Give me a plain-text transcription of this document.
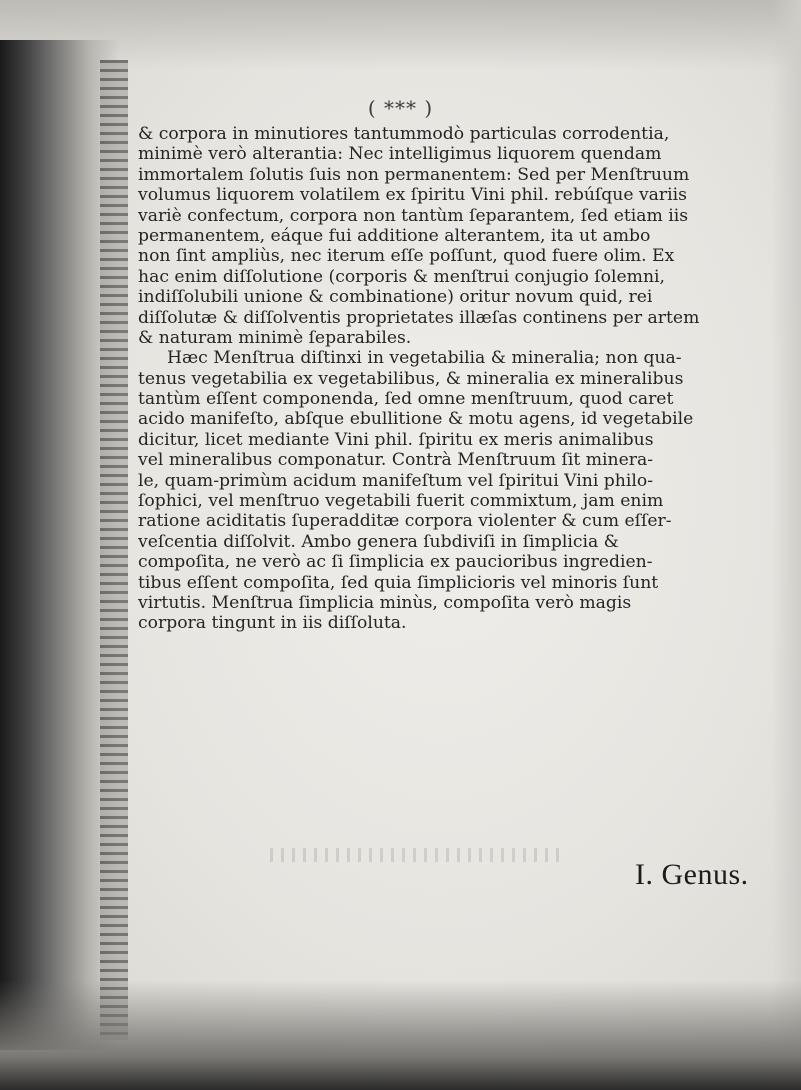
( *** )
& corpora in minutiores tantummodò particulas corrodentia,
minimè verò alterantia: Nec intelligimus liquorem quendam
immortalem ſolutis ſuis non permanentem: Sed per Menſtruum
volumus liquorem volatilem ex ſpiritu Vini phil. rebúſque variis
variè confectum, corpora non tantùm ſeparantem, ſed etiam iis
permanentem, eáque fui additione alterantem, ita ut ambo
non ſint ampliùs, nec iterum eſſe poſſunt, quod fuere olim. Ex
hac enim diſſolutione (corporis & menſtrui conjugio ſolemni,
indiſſolubili unione & combinatione) oritur novum quid, rei
diſſolutæ & diſſolventis proprietates illæſas continens per artem
& naturam minimè ſeparabiles.
Hæc Menſtrua diſtinxi in vegetabilia & mineralia; non qua-
tenus vegetabilia ex vegetabilibus, & mineralia ex mineralibus
tantùm eſſent componenda, ſed omne menſtruum, quod caret
acido manifeſto, abſque ebullitione & motu agens, id vegetabile
dicitur, licet mediante Vini phil. ſpiritu ex meris animalibus
vel mineralibus componatur. Contrà Menſtruum ſit minera-
le, quam-primùm acidum manifeſtum vel ſpiritui Vini philo-
ſophici, vel menſtruo vegetabili fuerit commixtum, jam enim
ratione aciditatis ſuperadditæ corpora violenter & cum eſſer-
veſcentia diſſolvit. Ambo genera ſubdiviſi in ſimplicia &
compoſita, ne verò ac ſi ſimplicia ex paucioribus ingredien-
tibus eſſent compoſita, ſed quia ſimplicioris vel minoris ſunt
virtutis. Menſtrua ſimplicia minùs, compoſita verò magis
corpora tingunt in iis diſſoluta.
I. Genus.
